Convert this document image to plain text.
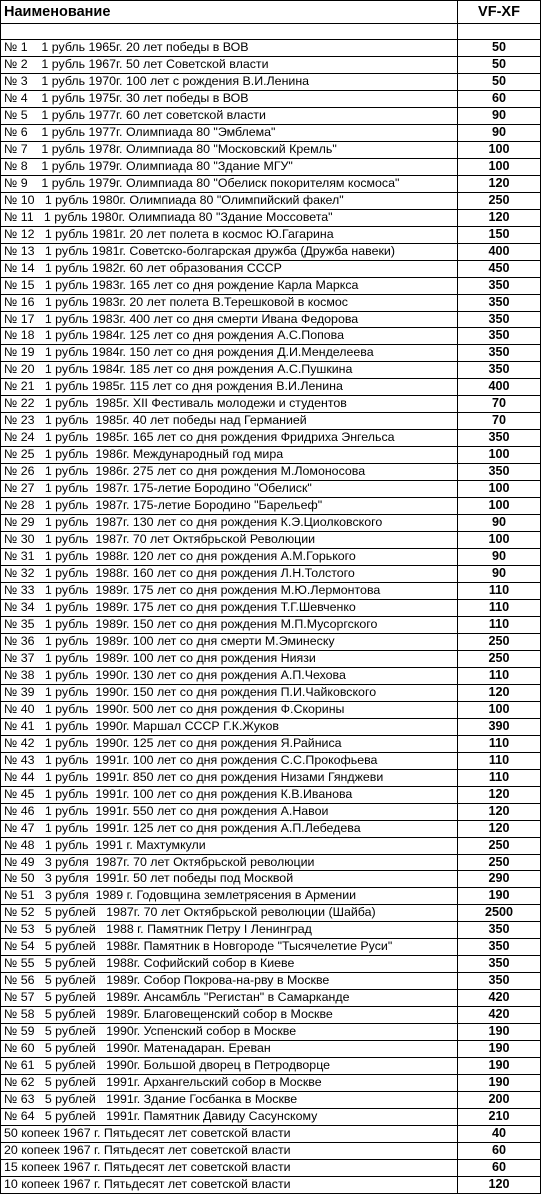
Наименование	VF-XF

№ 1    1 рубль 1965г. 20 лет победы в ВОВ	50
№ 2    1 рубль 1967г. 50 лет Советской власти	50
№ 3    1 рубль 1970г. 100 лет с рождения В.И.Ленина	50
№ 4    1 рубль 1975г. 30 лет победы в ВОВ	60
№ 5    1 рубль 1977г. 60 лет советской власти	90
№ 6    1 рубль 1977г. Олимпиада 80 "Эмблема"	90
№ 7    1 рубль 1978г. Олимпиада 80 "Московский Кремль"	100
№ 8    1 рубль 1979г. Олимпиада 80 "Здание МГУ"	100
№ 9    1 рубль 1979г. Олимпиада 80 "Обелиск покорителям космоса"	120
№ 10   1 рубль 1980г. Олимпиада 80 "Олимпийский факел"	250
№ 11   1 рубль 1980г. Олимпиада 80 "Здание Моссовета"	120
№ 12   1 рубль 1981г. 20 лет полета в космос Ю.Гагарина	150
№ 13   1 рубль 1981г. Советско-болгарская дружба (Дружба навеки)	400
№ 14   1 рубль 1982г. 60 лет образования СССР	450
№ 15   1 рубль 1983г. 165 лет со дня рождение Карла Маркса	350
№ 16   1 рубль 1983г. 20 лет полета В.Терешковой в космос	350
№ 17   1 рубль 1983г. 400 лет со дня смерти Ивана Федорова	350
№ 18   1 рубль 1984г. 125 лет со дня рождения А.С.Попова	350
№ 19   1 рубль 1984г. 150 лет со дня рождения Д.И.Менделеева	350
№ 20   1 рубль 1984г. 185 лет со дня рождения А.С.Пушкина	350
№ 21   1 рубль 1985г. 115 лет со дня рождения В.И.Ленина	400
№ 22   1 рубль  1985г. XII Фестиваль молодежи и студентов	70
№ 23   1 рубль  1985г. 40 лет победы над Германией	70
№ 24   1 рубль  1985г. 165 лет со дня рождения Фридриха Энгельса	350
№ 25   1 рубль  1986г. Международный год мира	100
№ 26   1 рубль  1986г. 275 лет со дня рождения М.Ломоносова	350
№ 27   1 рубль  1987г. 175-летие Бородино "Обелиск"	100
№ 28   1 рубль  1987г. 175-летие Бородино "Барельеф"	100
№ 29   1 рубль  1987г. 130 лет со дня рождения К.Э.Циолковского	90
№ 30   1 рубль  1987г. 70 лет Октябрьской Революции	100
№ 31   1 рубль  1988г. 120 лет со дня рождения А.М.Горького	90
№ 32   1 рубль  1988г. 160 лет со дня рождения Л.Н.Толстого	90
№ 33   1 рубль  1989г. 175 лет со дня рождения М.Ю.Лермонтова	110
№ 34   1 рубль  1989г. 175 лет со дня рождения Т.Г.Шевченко	110
№ 35   1 рубль  1989г. 150 лет со дня рождения М.П.Мусоргского	110
№ 36   1 рубль  1989г. 100 лет со дня смерти М.Эминеску	250
№ 37   1 рубль  1989г. 100 лет со дня рождения Ниязи	250
№ 38   1 рубль  1990г. 130 лет со дня рождения А.П.Чехова	110
№ 39   1 рубль  1990г. 150 лет со дня рождения П.И.Чайковского	120
№ 40   1 рубль  1990г. 500 лет со дня рождения Ф.Скорины	100
№ 41   1 рубль  1990г. Маршал СССР Г.К.Жуков	390
№ 42   1 рубль  1990г. 125 лет со дня рождения Я.Райниса	110
№ 43   1 рубль  1991г. 100 лет со дня рождения С.С.Прокофьева	110
№ 44   1 рубль  1991г. 850 лет со дня рождения Низами Гянджеви	110
№ 45   1 рубль  1991г. 100 лет со дня рождения К.В.Иванова	120
№ 46   1 рубль  1991г. 550 лет со дня рождения А.Навои	120
№ 47   1 рубль  1991г. 125 лет со дня рождения А.П.Лебедева	120
№ 48   1 рубль  1991 г. Махтумкули	250
№ 49   3 рубля  1987г. 70 лет Октябрьской революции	250
№ 50   3 рубля  1991г. 50 лет победы под Москвой	290
№ 51   3 рубля  1989 г. Годовщина землетрясения в Армении	190
№ 52   5 рублей   1987г. 70 лет Октябрьской революции (Шайба)	2500
№ 53   5 рублей   1988 г. Памятник Петру I Ленинград	350
№ 54   5 рублей   1988г. Памятник в Новгороде "Тысячелетие Руси"	350
№ 55   5 рублей   1988г. Софийский собор в Киеве	350
№ 56   5 рублей   1989г. Собор Покрова-на-рву в Москве	350
№ 57   5 рублей   1989г. Ансамбль "Регистан" в Самарканде	420
№ 58   5 рублей   1989г. Благовещенский собор в Москве	420
№ 59   5 рублей   1990г. Успенский собор в Москве	190
№ 60   5 рублей   1990г. Матенадаран. Ереван	190
№ 61   5 рублей   1990г. Большой дворец в Петродворце	190
№ 62   5 рублей   1991г. Архангельский собор в Москве	190
№ 63   5 рублей   1991г. Здание Госбанка в Москве	200
№ 64   5 рублей   1991г. Памятник Давиду Сасунскому	210
50 копеек 1967 г. Пятьдесят лет советской власти	40
20 копеек 1967 г. Пятьдесят лет советской власти	60
15 копеек 1967 г. Пятьдесят лет советской власти	60
10 копеек 1967 г. Пятьдесят лет советской власти	120
